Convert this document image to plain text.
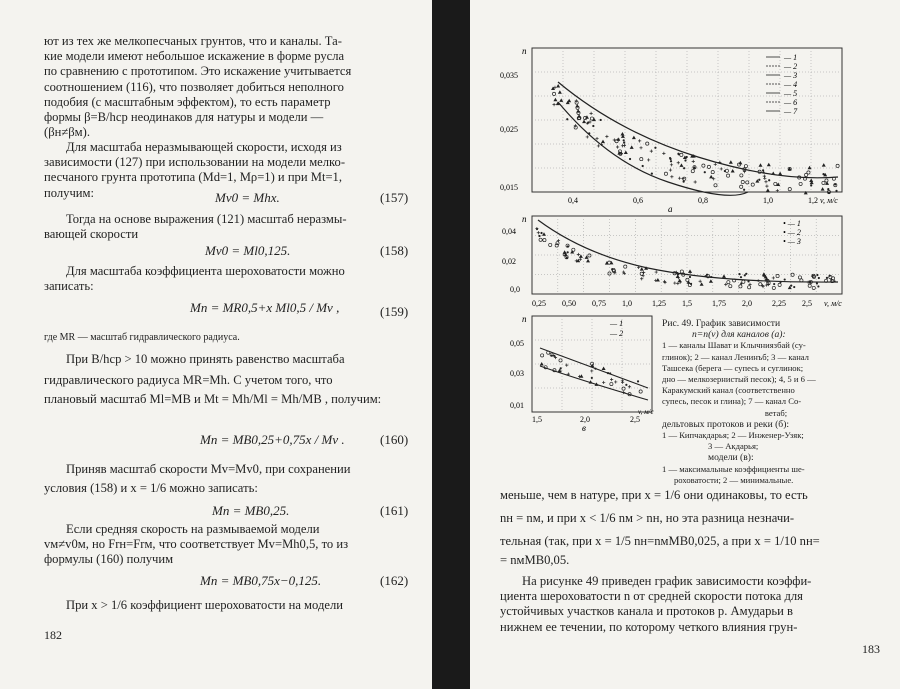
ют из тех же мелкопесчаных грунтов, что и каналы. Та-
кие модели имеют небольшое искажение в форме русла
по сравнению с прототипом. Это искажение учитывается
соотношением (116), что позволяет добиться неполного
подобия (с масштабным эффектом), то есть параметр
формы β=B/hср неодинаков для натуры и модели —
(βн≠βм).
Для масштаба неразмывающей скорости, исходя из
зависимости (127) при использовании на модели мелко-
песчаного грунта прототипа (Md=1, Mρ=1) и при Mt=1,
получим:	Mv0 = Mhx.	(157)
Тогда на основе выражения (121) масштаб неразмы-
вающей скорости
Mv0 = Ml0,125.	(158)
Для масштаба коэффициента шероховатости можно
записать:
Mn = MR0,5+x Ml0,5 / Mv ,	(159)
где MR — масштаб гидравлического радиуса.
При B/hср > 10 можно принять равенство масштаба
гидравлического радиуса MR=Mh. С учетом того, что
плановый масштаб Ml=MB и Mt = Mh/Ml = Mh/MB , получим:
Mn = MB0,25+0,75x / Mv .	(160)
Приняв масштаб скорости Mv=Mv0, при сохранении
условия (158) и x = 1/6 можно записать:
Mn = MB0,25.	(161)
Если средняя скорость на размываемой модели
vм≠v0м, но Frн=Frм, что соответствует Mv=Mh0,5, то из
формулы (160) получим
Mn = MB0,75x−0,125.	(162)
При x > 1/6 коэффициент шероховатости на модели
182
n
0,035
0,025
0,015
0,4	0,6	0,8	1,0	1,2 v, м/с
a
— 1
— 2
— 3
— 4
— 5
— 6
— 7
n
0,04
0,02
0,0
0,25 0,50 0,75 1,0	1,25 1,5	1,75 2,0	2,25 2,5 v, м/с
• — 1
• — 2
• — 3
n
0,05
0,03
0,01
1,5	2,0	2,5
v, м/с
в
— 1
— 2
Рис. 49. График зависимости
n=n(v) для каналов (а):
1 — каналы Шават и Клычниязбай (су-
глинок); 2 — канал Ленинъб; 3 — канал
Ташсека (берега — супесь и суглинок;
дно — мелкозернистый песок); 4, 5 и 6 —
Каракумский канал (соответственно
супесь, песок и глина); 7 — канал Со-
ветаб;
дельтовых протоков и реки (б):
1 — Кипчакдарья; 2 — Инженер-Узяк;
3 — Акдарья;
модели (в):
1 — максимальные коэффициенты ше-
роховатости; 2 — минимальные.
меньше, чем в натуре, при x = 1/6 они одинаковы, то есть
nн = nм, и при x < 1/6 nм > nн, но эта разница незначи-
тельная (так, при x = 1/5 nн=nмMB0,025, а при x = 1/10 nн=
= nмMB0,05.
На рисунке 49 приведен график зависимости коэффи-
циента шероховатости n от средней скорости потока для
устойчивых участков канала и протоков р. Амударьи в
нижнем ее течении, по которому четкого влияния грун-
183
